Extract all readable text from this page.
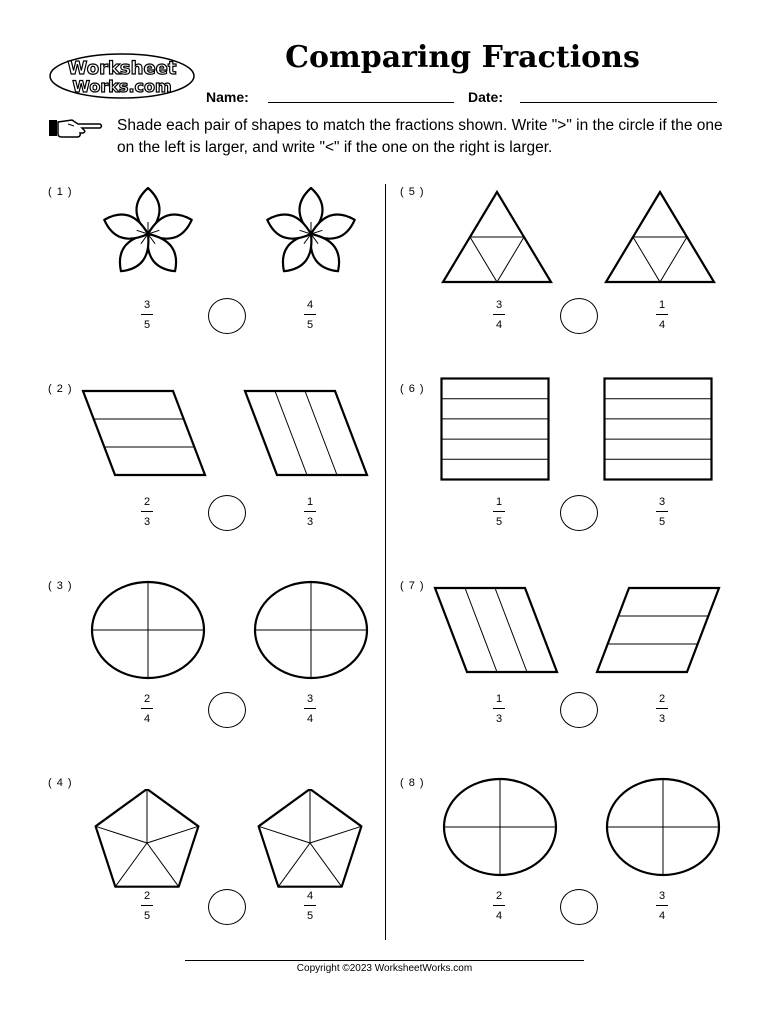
Worksheet
Works.com
Comparing Fractions
Name:	Date:
Shade each pair of shapes to match the fractions shown. Write ">" in the circle if the one on the left is larger, and write "<" if the one on the right is larger.
( 1 )
3
5
4
5
( 2 )
2
3
1
3
( 3 )
2
4
3
4
( 4 )
2
5
4
5
( 5 )
3
4
1
4
( 6 )
1
5
3
5
( 7 )
1
3
2
3
( 8 )
2
4
3
4
Copyright ©2023 WorksheetWorks.com
